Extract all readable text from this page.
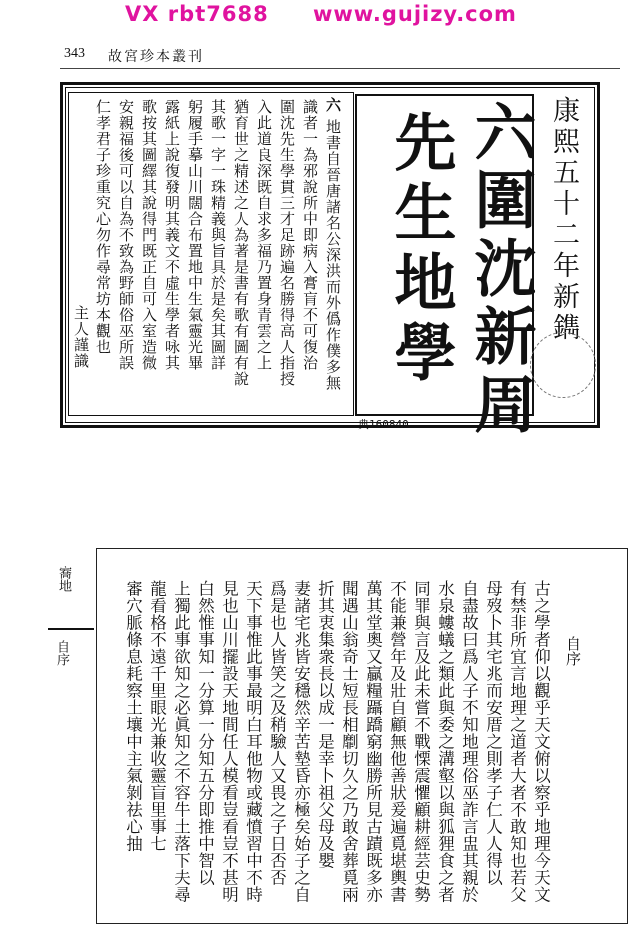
VX rbt7688 www.gujizy.com
343 故宮珍本叢刊
康熙五十二年新鐫
六圍沈新周
先生地學
典160840
六
地書自晉唐諸名公深洪而外僞作僕多無
識者一為邪說所中即病入膏肓不可復治
圍沈先生學貫三才足跡遍名勝得高人指授
入此道良深既自求多福乃置身青雲之上
猶育世之精述之人為著是書有歌有圖有說
其歌一字一珠精義與旨具於是矣其圖詳
躬履手摹山川闊合布置地中生氣靈光畢
露紙上說復發明其義文不虛生學者咏其
歌按其圖繹其說得門既正自可入室造微
安親福後可以自為不致為野師俗巫所誤
仁孝君子珍重究心勿作尋常坊本觀也
主人謹識
㝯地
自序	自序
古之學者仰以觀乎天文俯以察乎地理今天文
有禁非所宜言地理之道者大者不敢知也若父
母歿卜其宅兆而安厝之則孝子仁人人得以
自盡故曰爲人子不知地理俗巫詐言盅其親於
水泉螻蟻之類此與委之溝壑以與狐狸食之者
同罪與言及此未嘗不戰慄震懼顧耕經芸史勢
不能兼營年及壯自顧無他善狀爰遍覓堪輿書
萬其堂奧又贏糧躡蹻窮幽勝所見古蹟既多亦
聞遇山翁奇士短長相劘切久之乃敢舍葬覓兩
折其衷集衆長以成一是幸卜祖父母及嬰
妻諸宅兆皆安穩然辛苦墊昏亦極矣始子之自
爲是也人皆笑之及稍驗人又畏之子日否否
天下事惟此事最明白耳他物或藏憤習中不時
見也山川擺設天地間任人模看豈看豈不甚明
白然惟事知一分算一分知五分即推中智以
上獨此事欲知之必眞知之不容牛土落下夫尋
龍看格不遠千里眼光兼收靈盲里事七
審穴脈條息耗察土壤中主氣剝祛心抽
